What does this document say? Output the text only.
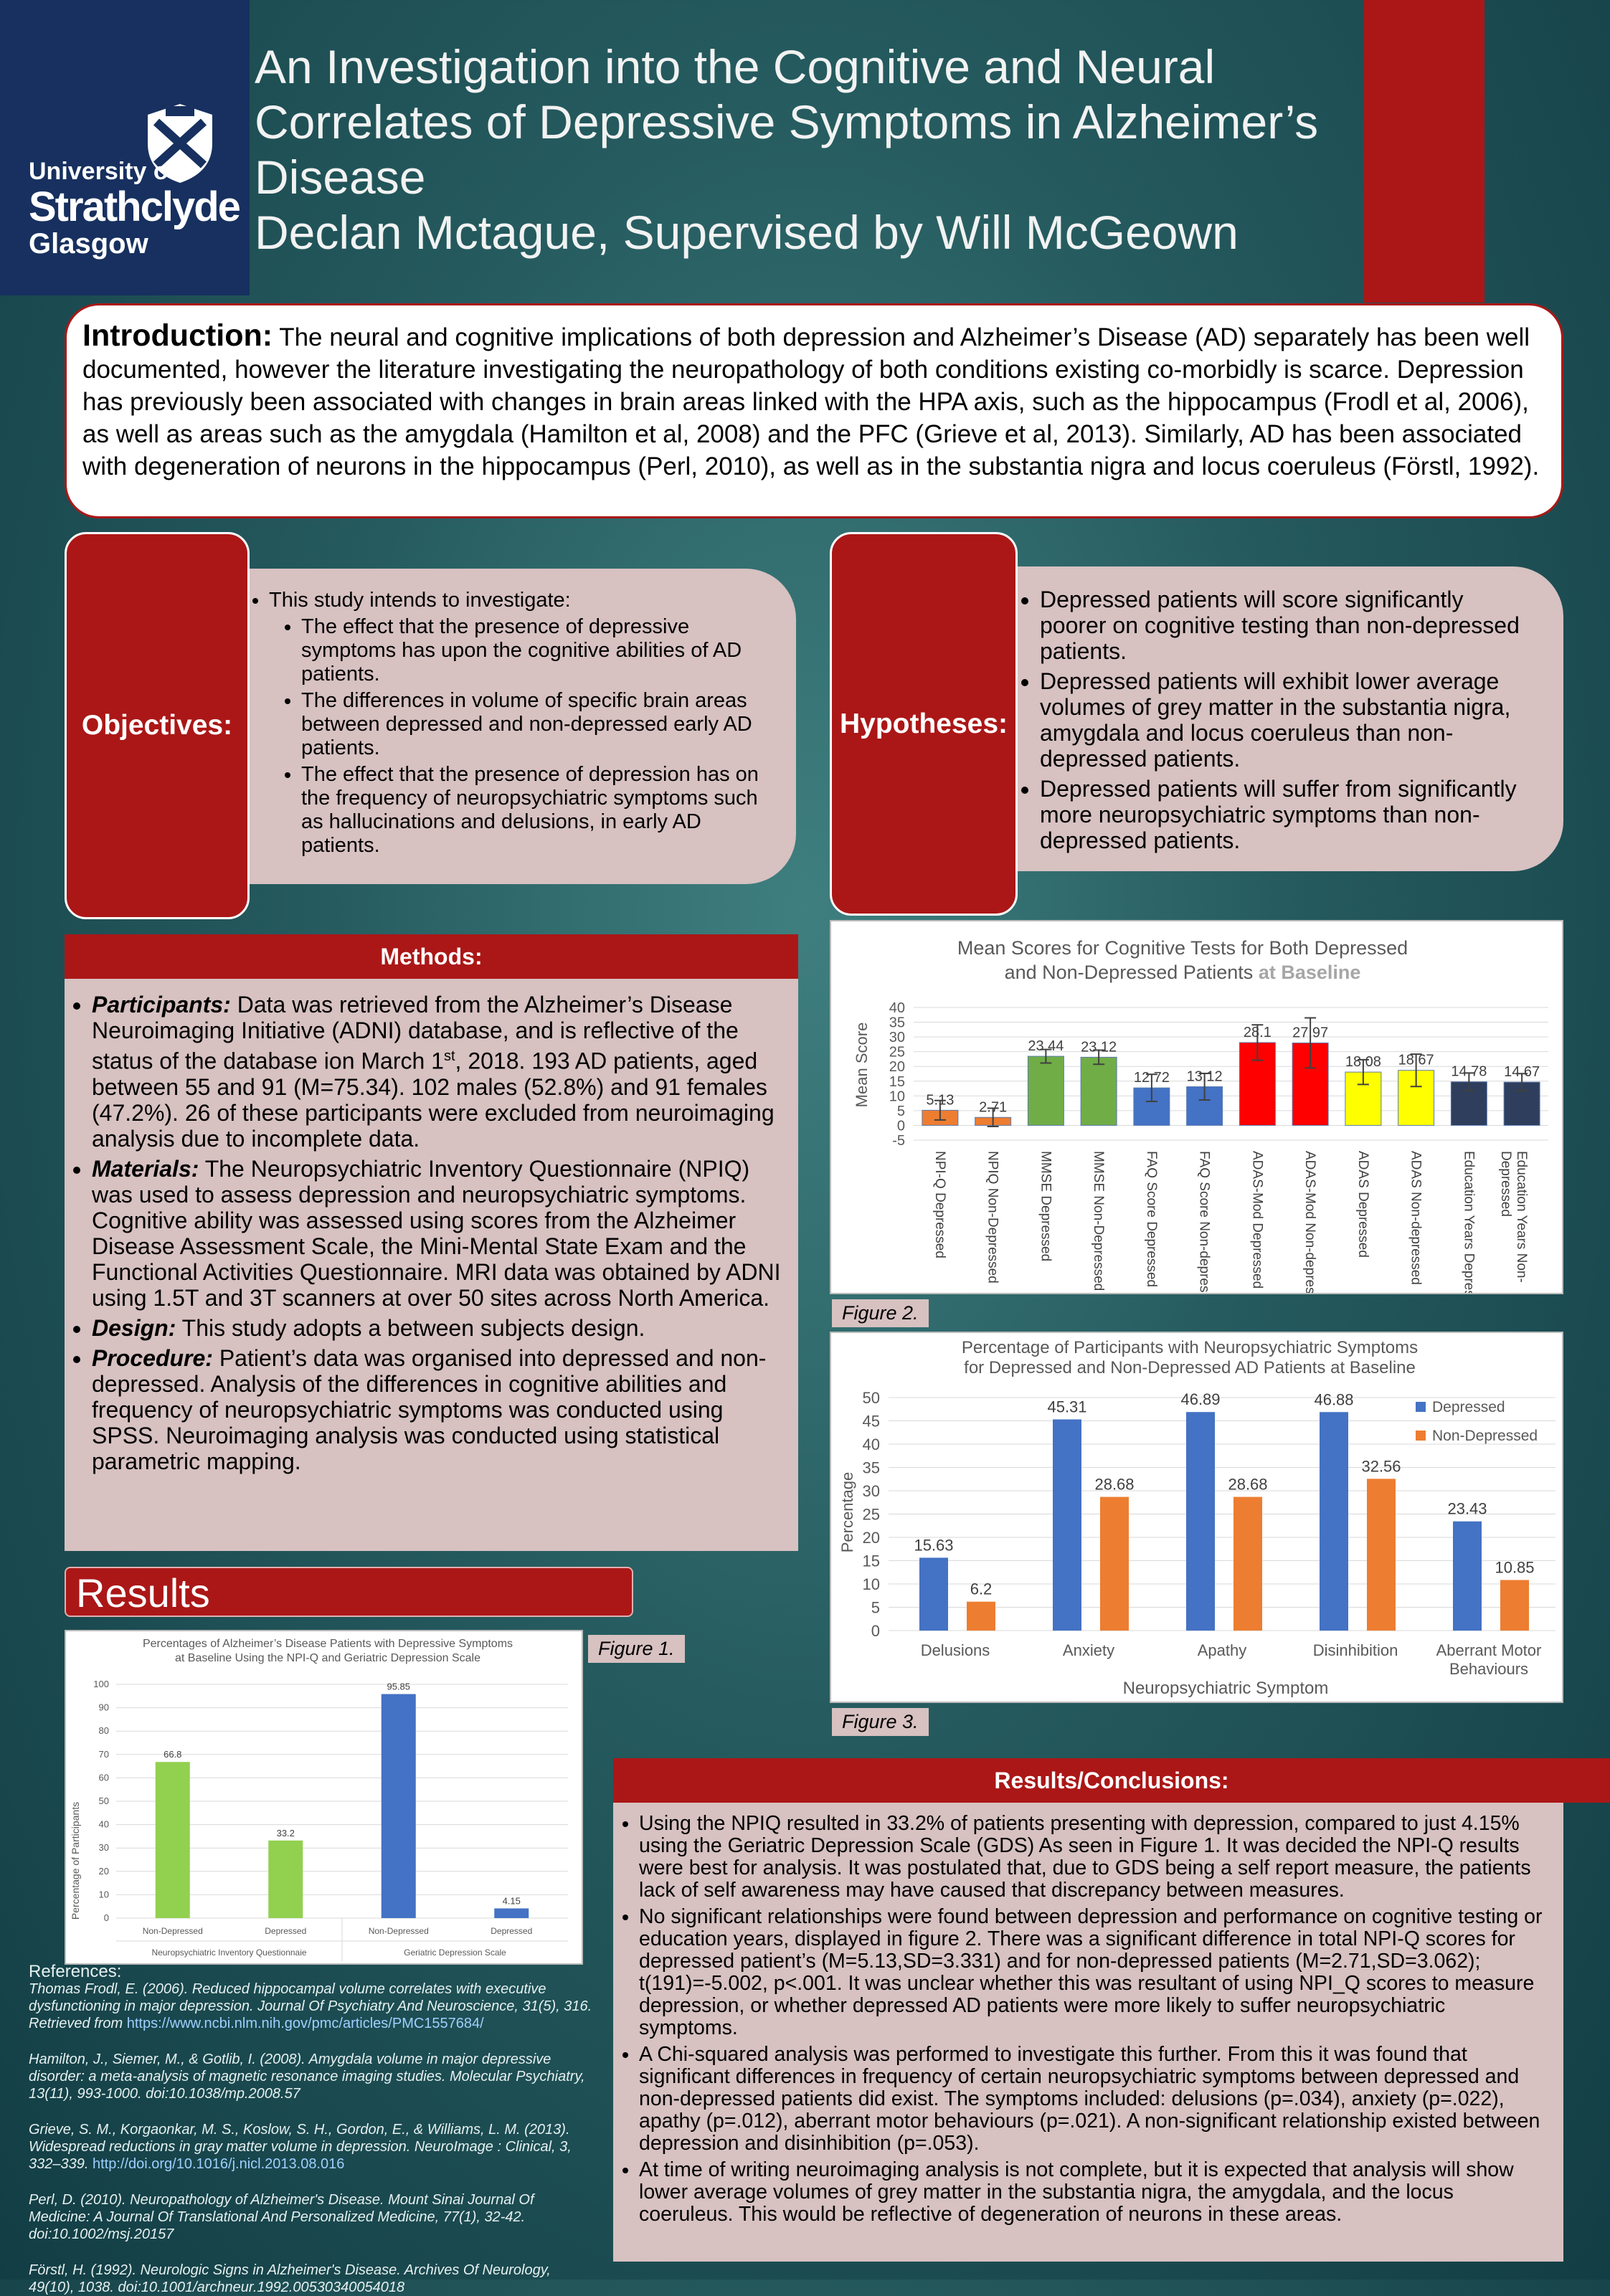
University of
Strathclyde
Glasgow
An Investigation into the Cognitive and Neural
Correlates of Depressive Symptoms in Alzheimer’s
Disease
Declan Mctague, Supervised by Will McGeown
Introduction: The neural and cognitive implications of both depression and Alzheimer’s Disease (AD) separately has been well documented, however the literature investigating the neuropathology of both conditions existing co-morbidly is scarce. Depression has previously been associated with changes in brain areas linked with the HPA axis, such as the hippocampus (Frodl et al, 2006), as well as areas such as the amygdala (Hamilton et al, 2008) and the PFC (Grieve et al, 2013). Similarly, AD has been associated with degeneration of neurons in the hippocampus (Perl, 2010), as well as in the substantia nigra and locus coeruleus (Förstl, 1992).
• This study intends to investigate:
• The effect that the presence of depressive symptoms has upon the cognitive abilities of AD patients.
• The differences in volume of specific brain areas between depressed and non-depressed early AD patients.
• The effect that the presence of depression has on the frequency of neuropsychiatric symptoms such as hallucinations and delusions, in early AD patients.
Objectives:
• Depressed patients will score significantly poorer on cognitive testing than non-depressed patients.
• Depressed patients will exhibit lower average volumes of grey matter in the substantia nigra, amygdala and locus coeruleus than non-depressed patients.
• Depressed patients will suffer from significantly more neuropsychiatric symptoms than non-depressed patients.
Hypotheses:
Methods:
• Participants: Data was retrieved from the Alzheimer’s Disease Neuroimaging Initiative (ADNI) database, and is reflective of the status of the database ion March 1st, 2018. 193 AD patients, aged between 55 and 91 (M=75.34). 102 males (52.8%) and 91 females (47.2%). 26 of these participants were excluded from neuroimaging analysis due to incomplete data.
• Materials: The Neuropsychiatric Inventory Questionnaire (NPIQ) was used to assess depression and neuropsychiatric symptoms. Cognitive ability was assessed using scores from the Alzheimer Disease Assessment Scale, the Mini-Mental State Exam and the Functional Activities Questionnaire. MRI data was obtained by ADNI using 1.5T and 3T scanners at over 50 sites across North America.
• Design: This study adopts a between subjects design.
• Procedure: Patient’s data was organised into depressed and non-depressed. Analysis of the differences in cognitive abilities and frequency of neuropsychiatric symptoms was conducted using SPSS. Neuroimaging analysis was conducted using statistical parametric mapping.
Results
Percentages of Alzheimer’s Disease Patients with Depressive Symptoms
at Baseline Using the NPI-Q and Geriatric Depression Scale
Percentage of Participants 0
10
20
30
40
50
60
70
80
90
100
66.8
Non-Depressed
33.2
Depressed
95.85
Non-Depressed
4.15
Depressed
Neuropsychiatric Inventory Questionnaie	Geriatric Depression Scale
Figure 1.
Mean Scores for Cognitive Tests for Both Depressed
and Non-Depressed Patients at Baseline
Mean Score
-5
0
5
10
15
20
25
30
35
40
5.13
NPI-Q Depressed
2.71
NPIQ Non-Depressed
23.44
MMSE Depressed
23.12
MMSE Non-Depressed
12.72
FAQ Score Depressed
13.12
FAQ Score Non-depressed
28.1
ADAS-Mod Depressed
27.97
ADAS-Mod Non-depressed
18.08
ADAS Depressed
18.67
ADAS Non-depressed
14.78
Education Years Depressed
14.67
Education Years Non-Depressed
Figure 2.
Percentage of Participants with Neuropsychiatric Symptoms
for Depressed and Non-Depressed AD Patients at Baseline
Percentage
Neuropsychiatric Symptom
0
5
10
15
20
25
30
35
40
45
50
15.63
6.2
Delusions
45.31
28.68
Anxiety
46.89
28.68
Apathy
46.88
32.56
Disinhibition
23.43
10.85
Aberrant Motor Behaviours
Depressed
Non-Depressed
Figure 3.
Results/Conclusions:
• Using the NPIQ resulted in 33.2% of patients presenting with depression, compared to just 4.15% using the Geriatric Depression Scale (GDS) As seen in Figure 1. It was decided the NPI-Q results were best for analysis. It was postulated that, due to GDS being a self report measure, the patients lack of self awareness may have caused that discrepancy between measures.
• No significant relationships were found between depression and performance on cognitive testing or education years, displayed in figure 2. There was a significant difference in total NPI-Q scores for depressed patient’s (M=5.13,SD=3.331) and for non-depressed patients (M=2.71,SD=3.062); t(191)=-5.002, p<.001. It was unclear whether this was resultant of using NPI_Q scores to measure depression, or whether depressed AD patients were more likely to suffer neuropsychiatric symptoms.
• A Chi-squared analysis was performed to investigate this further. From this it was found that significant differences in frequency of certain neuropsychiatric symptoms between depressed and non-depressed patients did exist. The symptoms included: delusions (p=.034), anxiety (p=.022), apathy (p=.012), aberrant motor behaviours (p=.021). A non-significant relationship existed between depression and disinhibition (p=.053).
• At time of writing neuroimaging analysis is not complete, but it is expected that analysis will show lower average volumes of grey matter in the substantia nigra, the amygdala, and the locus coeruleus. This would be reflective of degeneration of neurons in these areas.
References:
Thomas Frodl, E. (2006). Reduced hippocampal volume correlates with executive dysfunctioning in major depression. Journal Of Psychiatry And Neuroscience, 31(5), 316. Retrieved from https://www.ncbi.nlm.nih.gov/pmc/articles/PMC1557684/
Hamilton, J., Siemer, M., & Gotlib, I. (2008). Amygdala volume in major depressive disorder: a meta-analysis of magnetic resonance imaging studies. Molecular Psychiatry, 13(11), 993-1000. doi:10.1038/mp.2008.57
Grieve, S. M., Korgaonkar, M. S., Koslow, S. H., Gordon, E., & Williams, L. M. (2013). Widespread reductions in gray matter volume in depression. NeuroImage : Clinical, 3, 332–339. http://doi.org/10.1016/j.nicl.2013.08.016
Perl, D. (2010). Neuropathology of Alzheimer's Disease. Mount Sinai Journal Of Medicine: A Journal Of Translational And Personalized Medicine, 77(1), 32-42. doi:10.1002/msj.20157
Förstl, H. (1992). Neurologic Signs in Alzheimer's Disease. Archives Of Neurology, 49(10), 1038. doi:10.1001/archneur.1992.00530340054018
